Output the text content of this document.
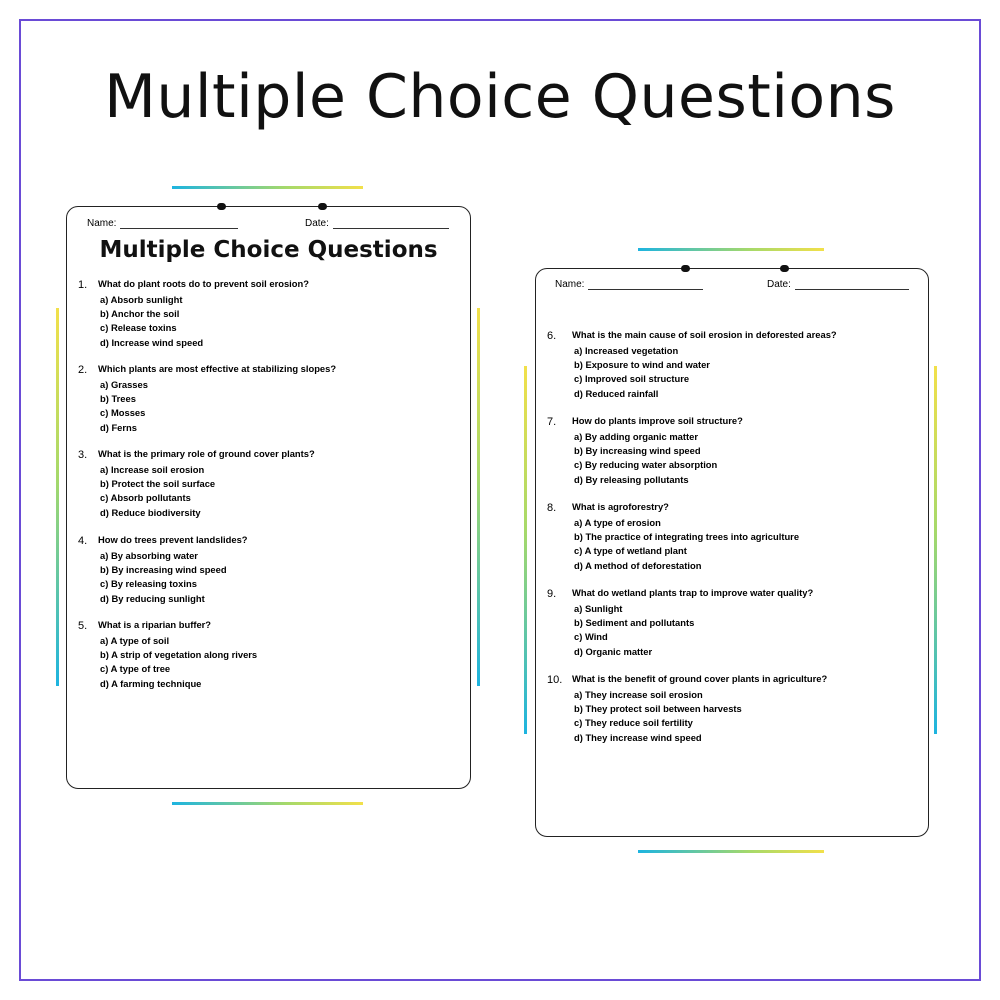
Multiple Choice Questions
Name:	Date:
Multiple Choice Questions
1. What do plant roots do to prevent soil erosion?
a) Absorb sunlight
b) Anchor the soil
c) Release toxins
d) Increase wind speed
2. Which plants are most effective at stabilizing slopes?
a) Grasses
b) Trees
c) Mosses
d) Ferns
3. What is the primary role of ground cover plants?
a) Increase soil erosion
b) Protect the soil surface
c) Absorb pollutants
d) Reduce biodiversity
4. How do trees prevent landslides?
a) By absorbing water
b) By increasing wind speed
c) By releasing toxins
d) By reducing sunlight
5. What is a riparian buffer?
a) A type of soil
b) A strip of vegetation along rivers
c) A type of tree
d) A farming technique
Name:	Date:
6. What is the main cause of soil erosion in deforested areas?
a) Increased vegetation
b) Exposure to wind and water
c) Improved soil structure
d) Reduced rainfall
7. How do plants improve soil structure?
a) By adding organic matter
b) By increasing wind speed
c) By reducing water absorption
d) By releasing pollutants
8. What is agroforestry?
a) A type of erosion
b) The practice of integrating trees into agriculture
c) A type of wetland plant
d) A method of deforestation
9. What do wetland plants trap to improve water quality?
a) Sunlight
b) Sediment and pollutants
c) Wind
d) Organic matter
10. What is the benefit of ground cover plants in agriculture?
a) They increase soil erosion
b) They protect soil between harvests
c) They reduce soil fertility
d) They increase wind speed
